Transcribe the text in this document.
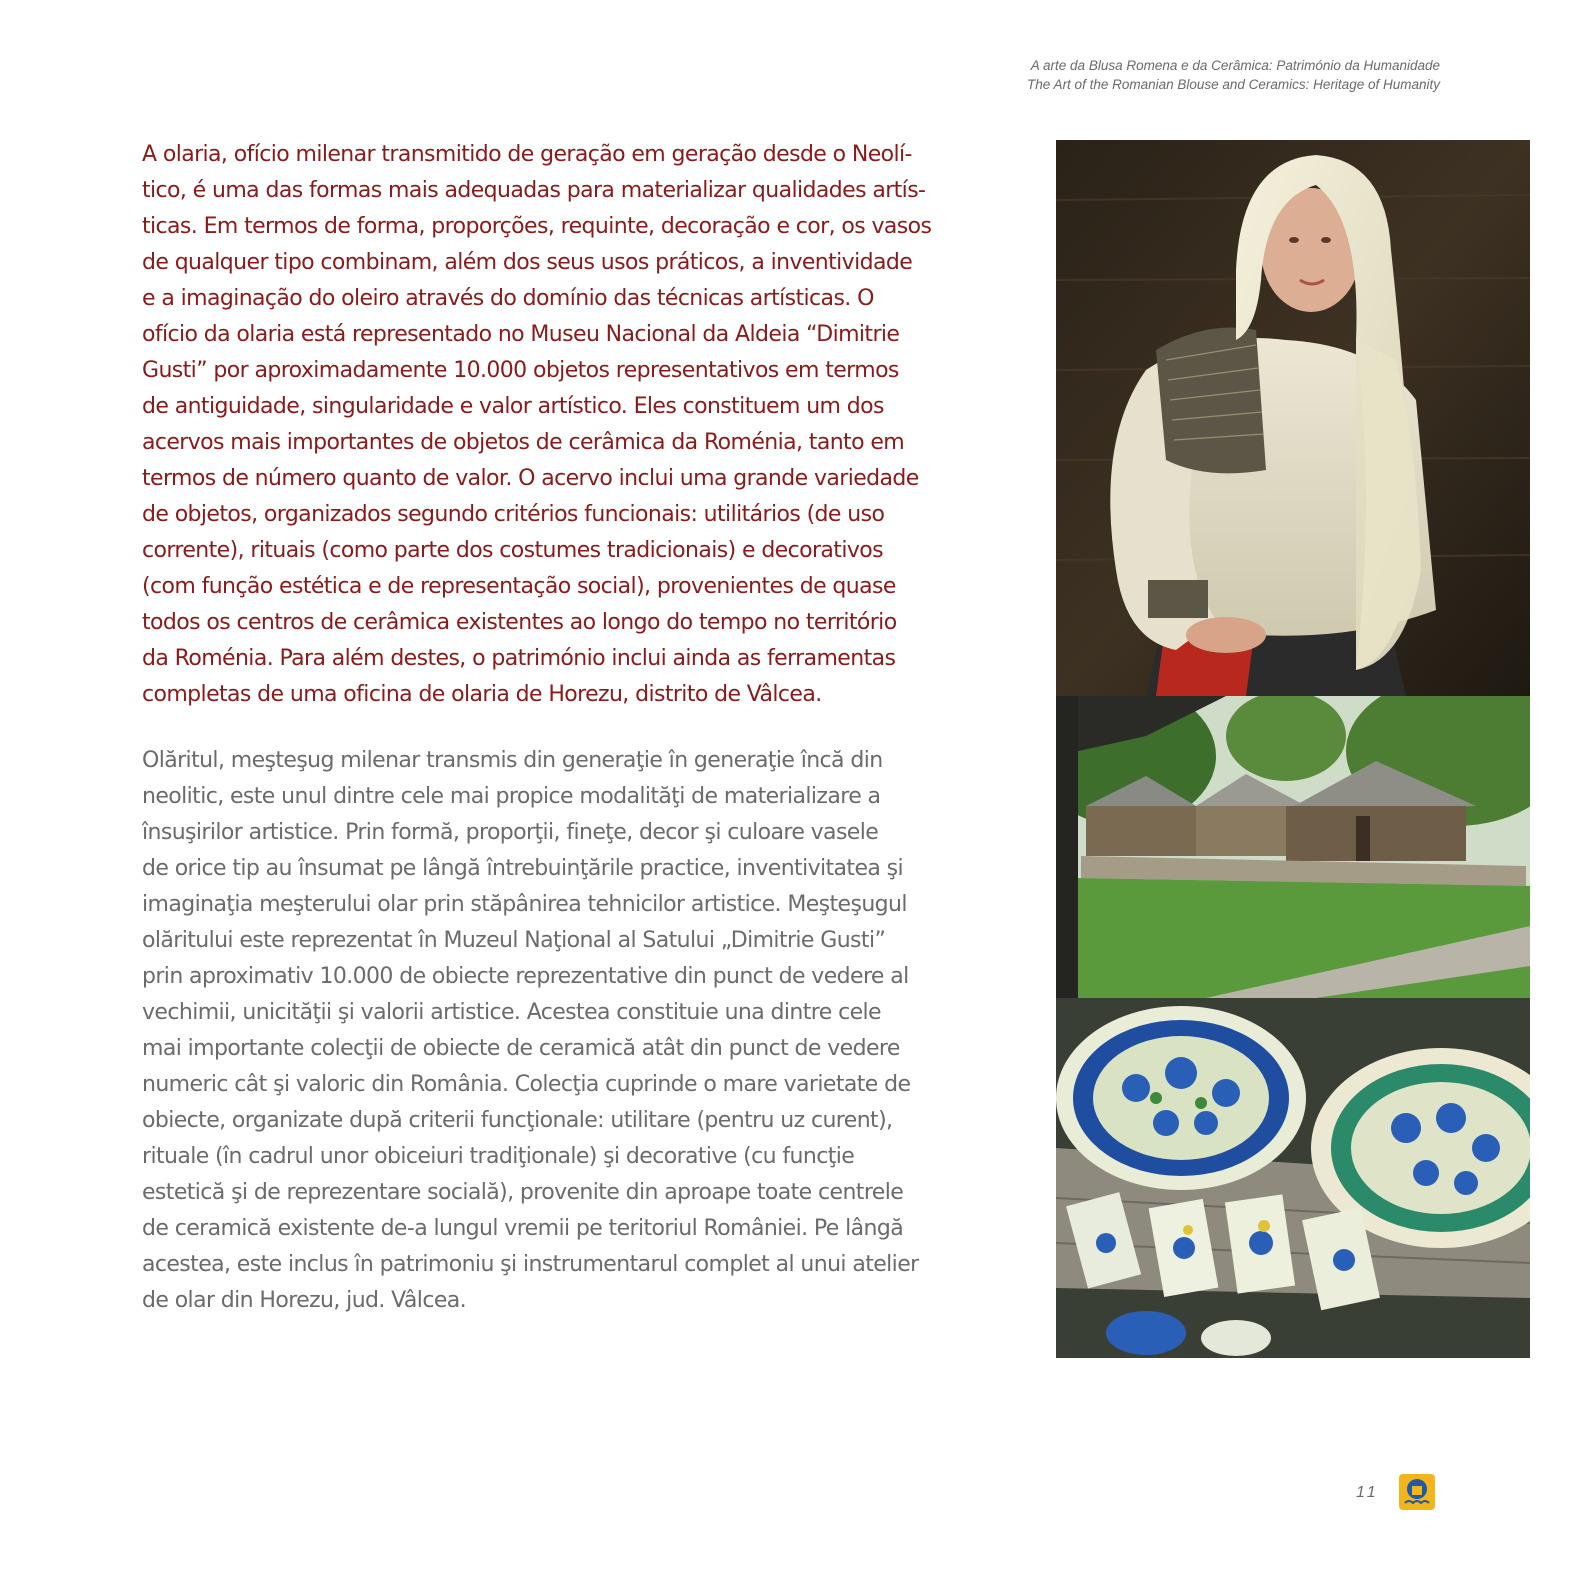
A arte da Blusa Romena e da Cerâmica: Património da Humanidade
The Art of the Romanian Blouse and Ceramics: Heritage of Humanity

A olaria, ofício milenar transmitido de geração em geração desde o Neolí-
tico, é uma das formas mais adequadas para materializar qualidades artís-
ticas. Em termos de forma, proporções, requinte, decoração e cor, os vasos
de qualquer tipo combinam, além dos seus usos práticos, a inventividade
e a imaginação do oleiro através do domínio das técnicas artísticas. O
ofício da olaria está representado no Museu Nacional da Aldeia “Dimitrie
Gusti” por aproximadamente 10.000 objetos representativos em termos
de antiguidade, singularidade e valor artístico. Eles constituem um dos
acervos mais importantes de objetos de cerâmica da Roménia, tanto em
termos de número quanto de valor. O acervo inclui uma grande variedade
de objetos, organizados segundo critérios funcionais: utilitários (de uso
corrente), rituais (como parte dos costumes tradicionais) e decorativos
(com função estética e de representação social), provenientes de quase
todos os centros de cerâmica existentes ao longo do tempo no território
da Roménia. Para além destes, o património inclui ainda as ferramentas
completas de uma oficina de olaria de Horezu, distrito de Vâlcea.

Olăritul, meşteşug milenar transmis din generaţie în generaţie încă din
neolitic, este unul dintre cele mai propice modalităţi de materializare a
însuşirilor artistice. Prin formă, proporţii, fineţe, decor şi culoare vasele
de orice tip au însumat pe lângă întrebuinţările practice, inventivitatea şi
imaginaţia meşterului olar prin stăpânirea tehnicilor artistice. Meşteşugul
olăritului este reprezentat în Muzeul Naţional al Satului „Dimitrie Gusti”
prin aproximativ 10.000 de obiecte reprezentative din punct de vedere al
vechimii, unicităţii şi valorii artistice. Acestea constituie una dintre cele
mai importante colecţii de obiecte de ceramică atât din punct de vedere
numeric cât şi valoric din România. Colecţia cuprinde o mare varietate de
obiecte, organizate după criterii funcţionale: utilitare (pentru uz curent),
rituale (în cadrul unor obiceiuri tradiţionale) şi decorative (cu funcţie
estetică şi de reprezentare socială), provenite din aproape toate centrele
de ceramică existente de-a lungul vremii pe teritoriul României. Pe lângă
acestea, este inclus în patrimoniu şi instrumentarul complet al unui atelier
de olar din Horezu, jud. Vâlcea.

11
